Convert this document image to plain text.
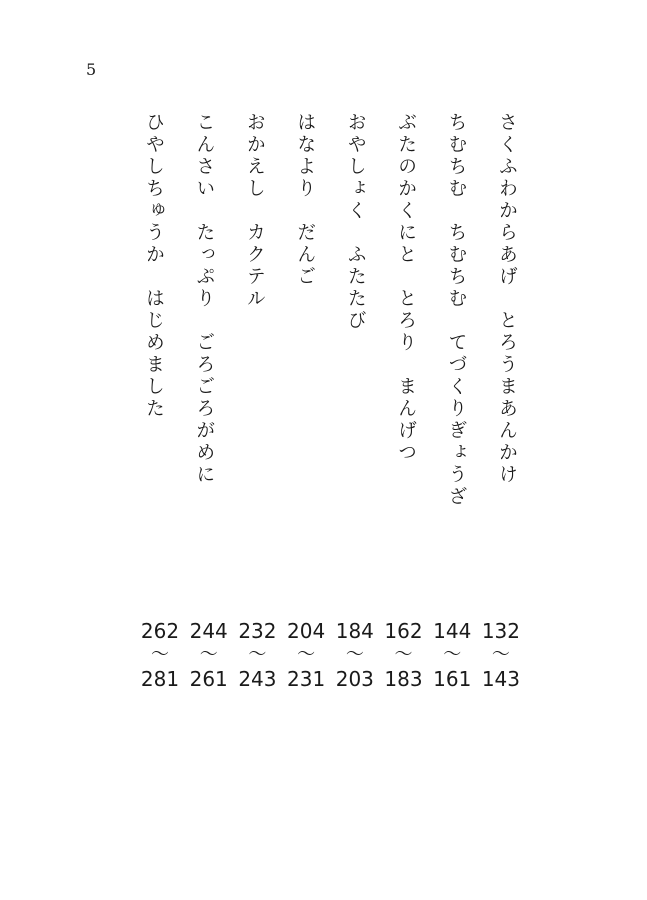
5

さくふわからあげ　とろうまあんかけ

ちむちむ　ちむちむ　てづくりぎょうざ

ぶたのかくにと　とろり　まんげつ

おやしょく　ふたたび

はなより　だんご

おかえし　カクテル

こんさい　たっぷり　ごろごろがめに

ひやしちゅうか　はじめました

132
〜
143
144
〜
161
162
〜
183
184
〜
203
204
〜
231
232
〜
243
244
〜
261
262
〜
281
